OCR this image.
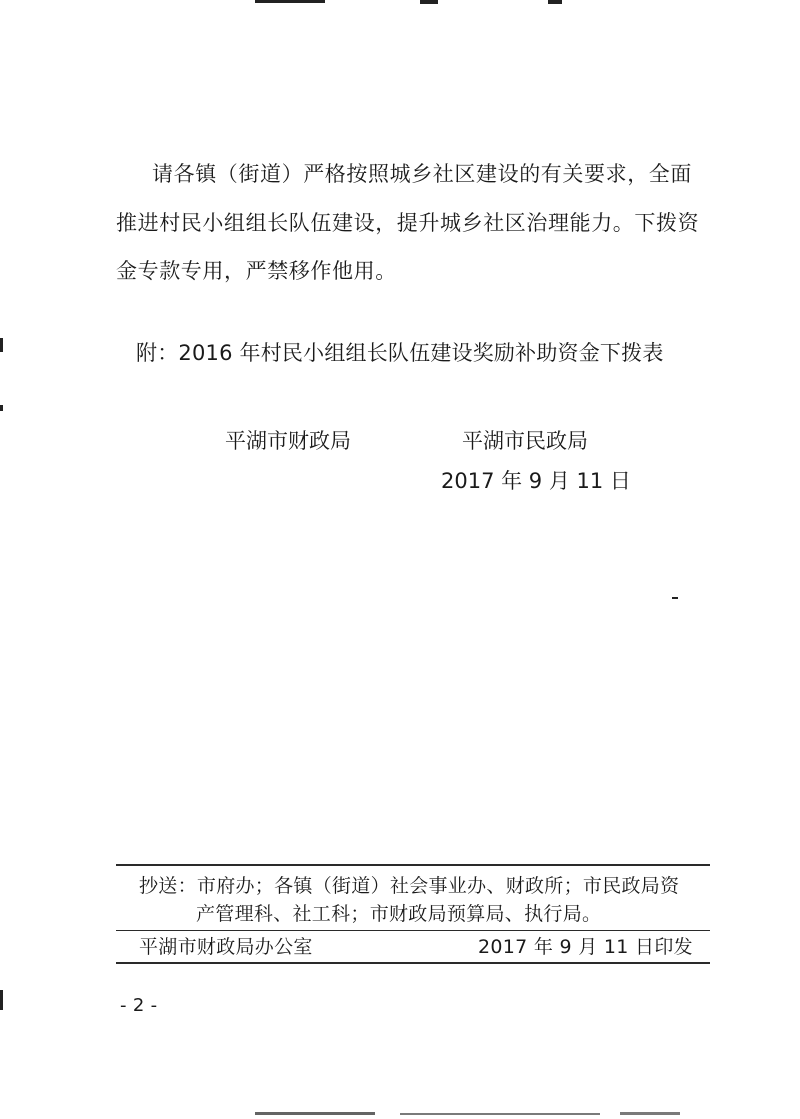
请各镇（街道）严格按照城乡社区建设的有关要求，全面
推进村民小组组长队伍建设，提升城乡社区治理能力。下拨资
金专款专用，严禁移作他用。
附：2016 年村民小组组长队伍建设奖励补助资金下拨表
平湖市财政局	平湖市民政局
2017 年 9 月 11 日
抄送：市府办；各镇（街道）社会事业办、财政所；市民政局资
产管理科、社工科；市财政局预算局、执行局。
平湖市财政局办公室	2017 年 9 月 11 日印发
- 2 -
